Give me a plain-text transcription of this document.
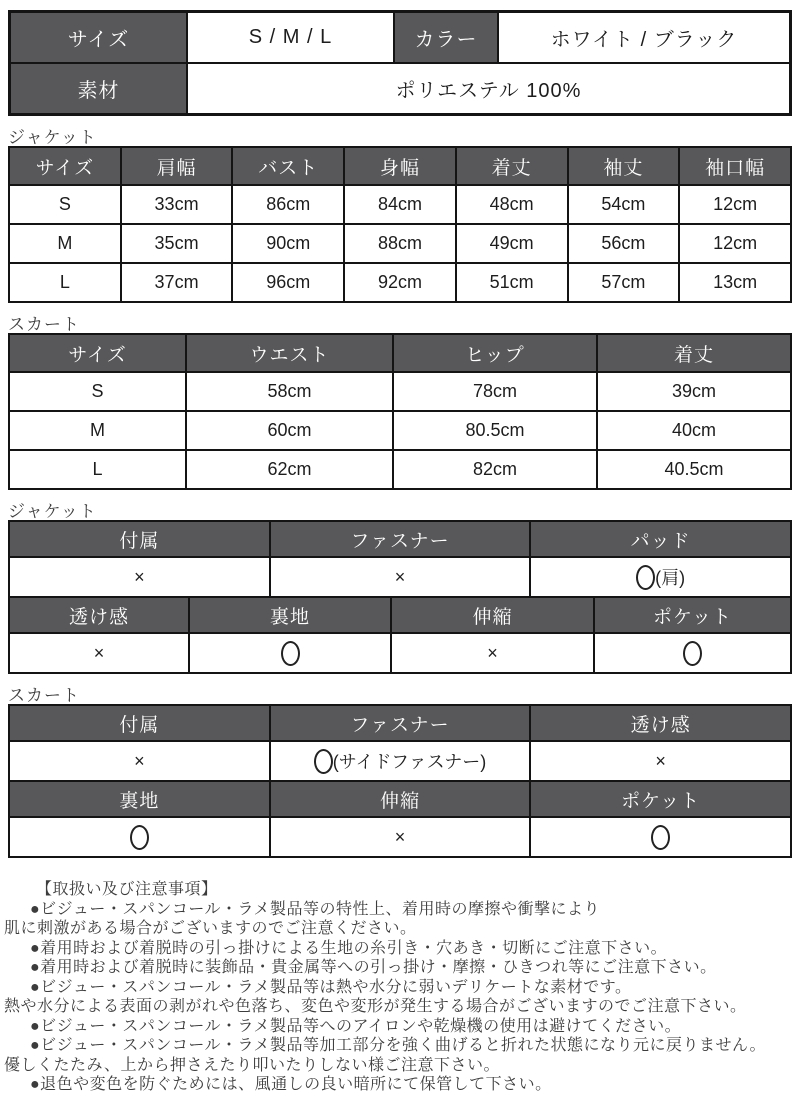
サイズ	S / M / L	カラー	ホワイト / ブラック
素材	ポリエステル 100%		
ジャケット
サイズ	肩幅	バスト	身幅	着丈	袖丈	袖口幅
S	33cm	86cm	84cm	48cm	54cm	12cm
M	35cm	90cm	88cm	49cm	56cm	12cm
L	37cm	96cm	92cm	51cm	57cm	13cm
スカート
サイズ	ウエスト	ヒップ	着丈
S	58cm	78cm	39cm
M	60cm	80.5cm	40cm
L	62cm	82cm	40.5cm
ジャケット
付属	ファスナー	パッド
×	×	(肩)
透け感	裏地	伸縮	ポケット
×		×	
スカート
付属	ファスナー	透け感
×	(サイドファスナー)	×
裏地	伸縮	ポケット
	×	
【取扱い及び注意事項】
●ビジュー・スパンコール・ラメ製品等の特性上、着用時の摩擦や衝撃により
肌に刺激がある場合がございますのでご注意ください。
●着用時および着脱時の引っ掛けによる生地の糸引き・穴あき・切断にご注意下さい。
●着用時および着脱時に装飾品・貴金属等への引っ掛け・摩擦・ひきつれ等にご注意下さい。
●ビジュー・スパンコール・ラメ製品等は熱や水分に弱いデリケートな素材です。
熱や水分による表面の剥がれや色落ち、変色や変形が発生する場合がございますのでご注意下さい。
●ビジュー・スパンコール・ラメ製品等へのアイロンや乾燥機の使用は避けてください。
●ビジュー・スパンコール・ラメ製品等加工部分を強く曲げると折れた状態になり元に戻りません。
優しくたたみ、上から押さえたり叩いたりしない様ご注意下さい。
●退色や変色を防ぐためには、風通しの良い暗所にて保管して下さい。
